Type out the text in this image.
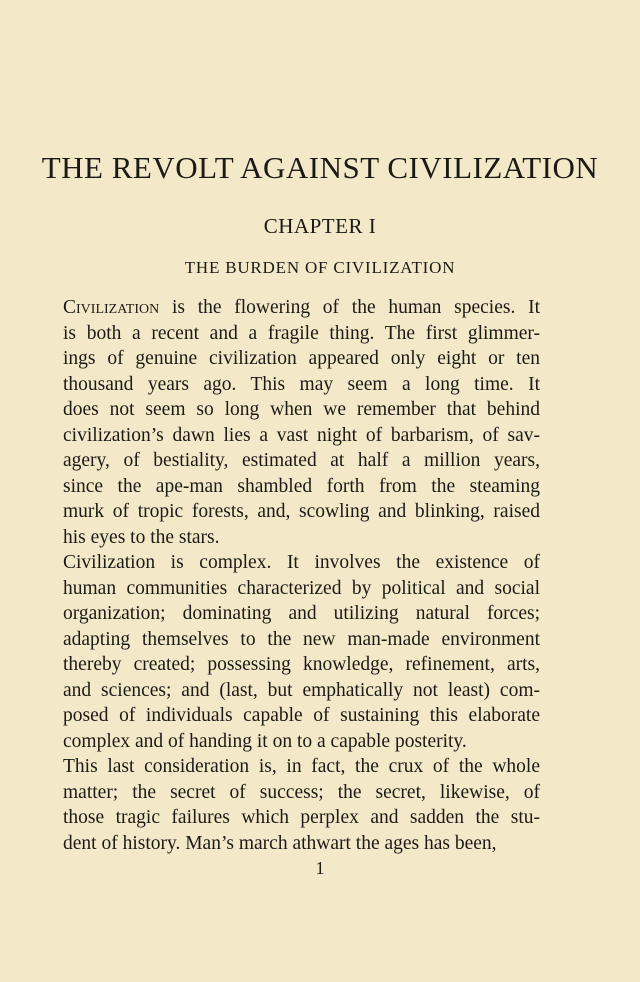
THE REVOLT AGAINST CIVILIZATION
CHAPTER I
THE BURDEN OF CIVILIZATION
Civilization is the flowering of the human species. It
is both a recent and a fragile thing. The first glimmer-
ings of genuine civilization appeared only eight or ten
thousand years ago. This may seem a long time. It
does not seem so long when we remember that behind
civilization’s dawn lies a vast night of barbarism, of sav-
agery, of bestiality, estimated at half a million years,
since the ape-man shambled forth from the steaming
murk of tropic forests, and, scowling and blinking, raised
his eyes to the stars.
Civilization is complex. It involves the existence of
human communities characterized by political and social
organization; dominating and utilizing natural forces;
adapting themselves to the new man-made environment
thereby created; possessing knowledge, refinement, arts,
and sciences; and (last, but emphatically not least) com-
posed of individuals capable of sustaining this elaborate
complex and of handing it on to a capable posterity.
This last consideration is, in fact, the crux of the whole
matter; the secret of success; the secret, likewise, of
those tragic failures which perplex and sadden the stu-
dent of history. Man’s march athwart the ages has been,
1
